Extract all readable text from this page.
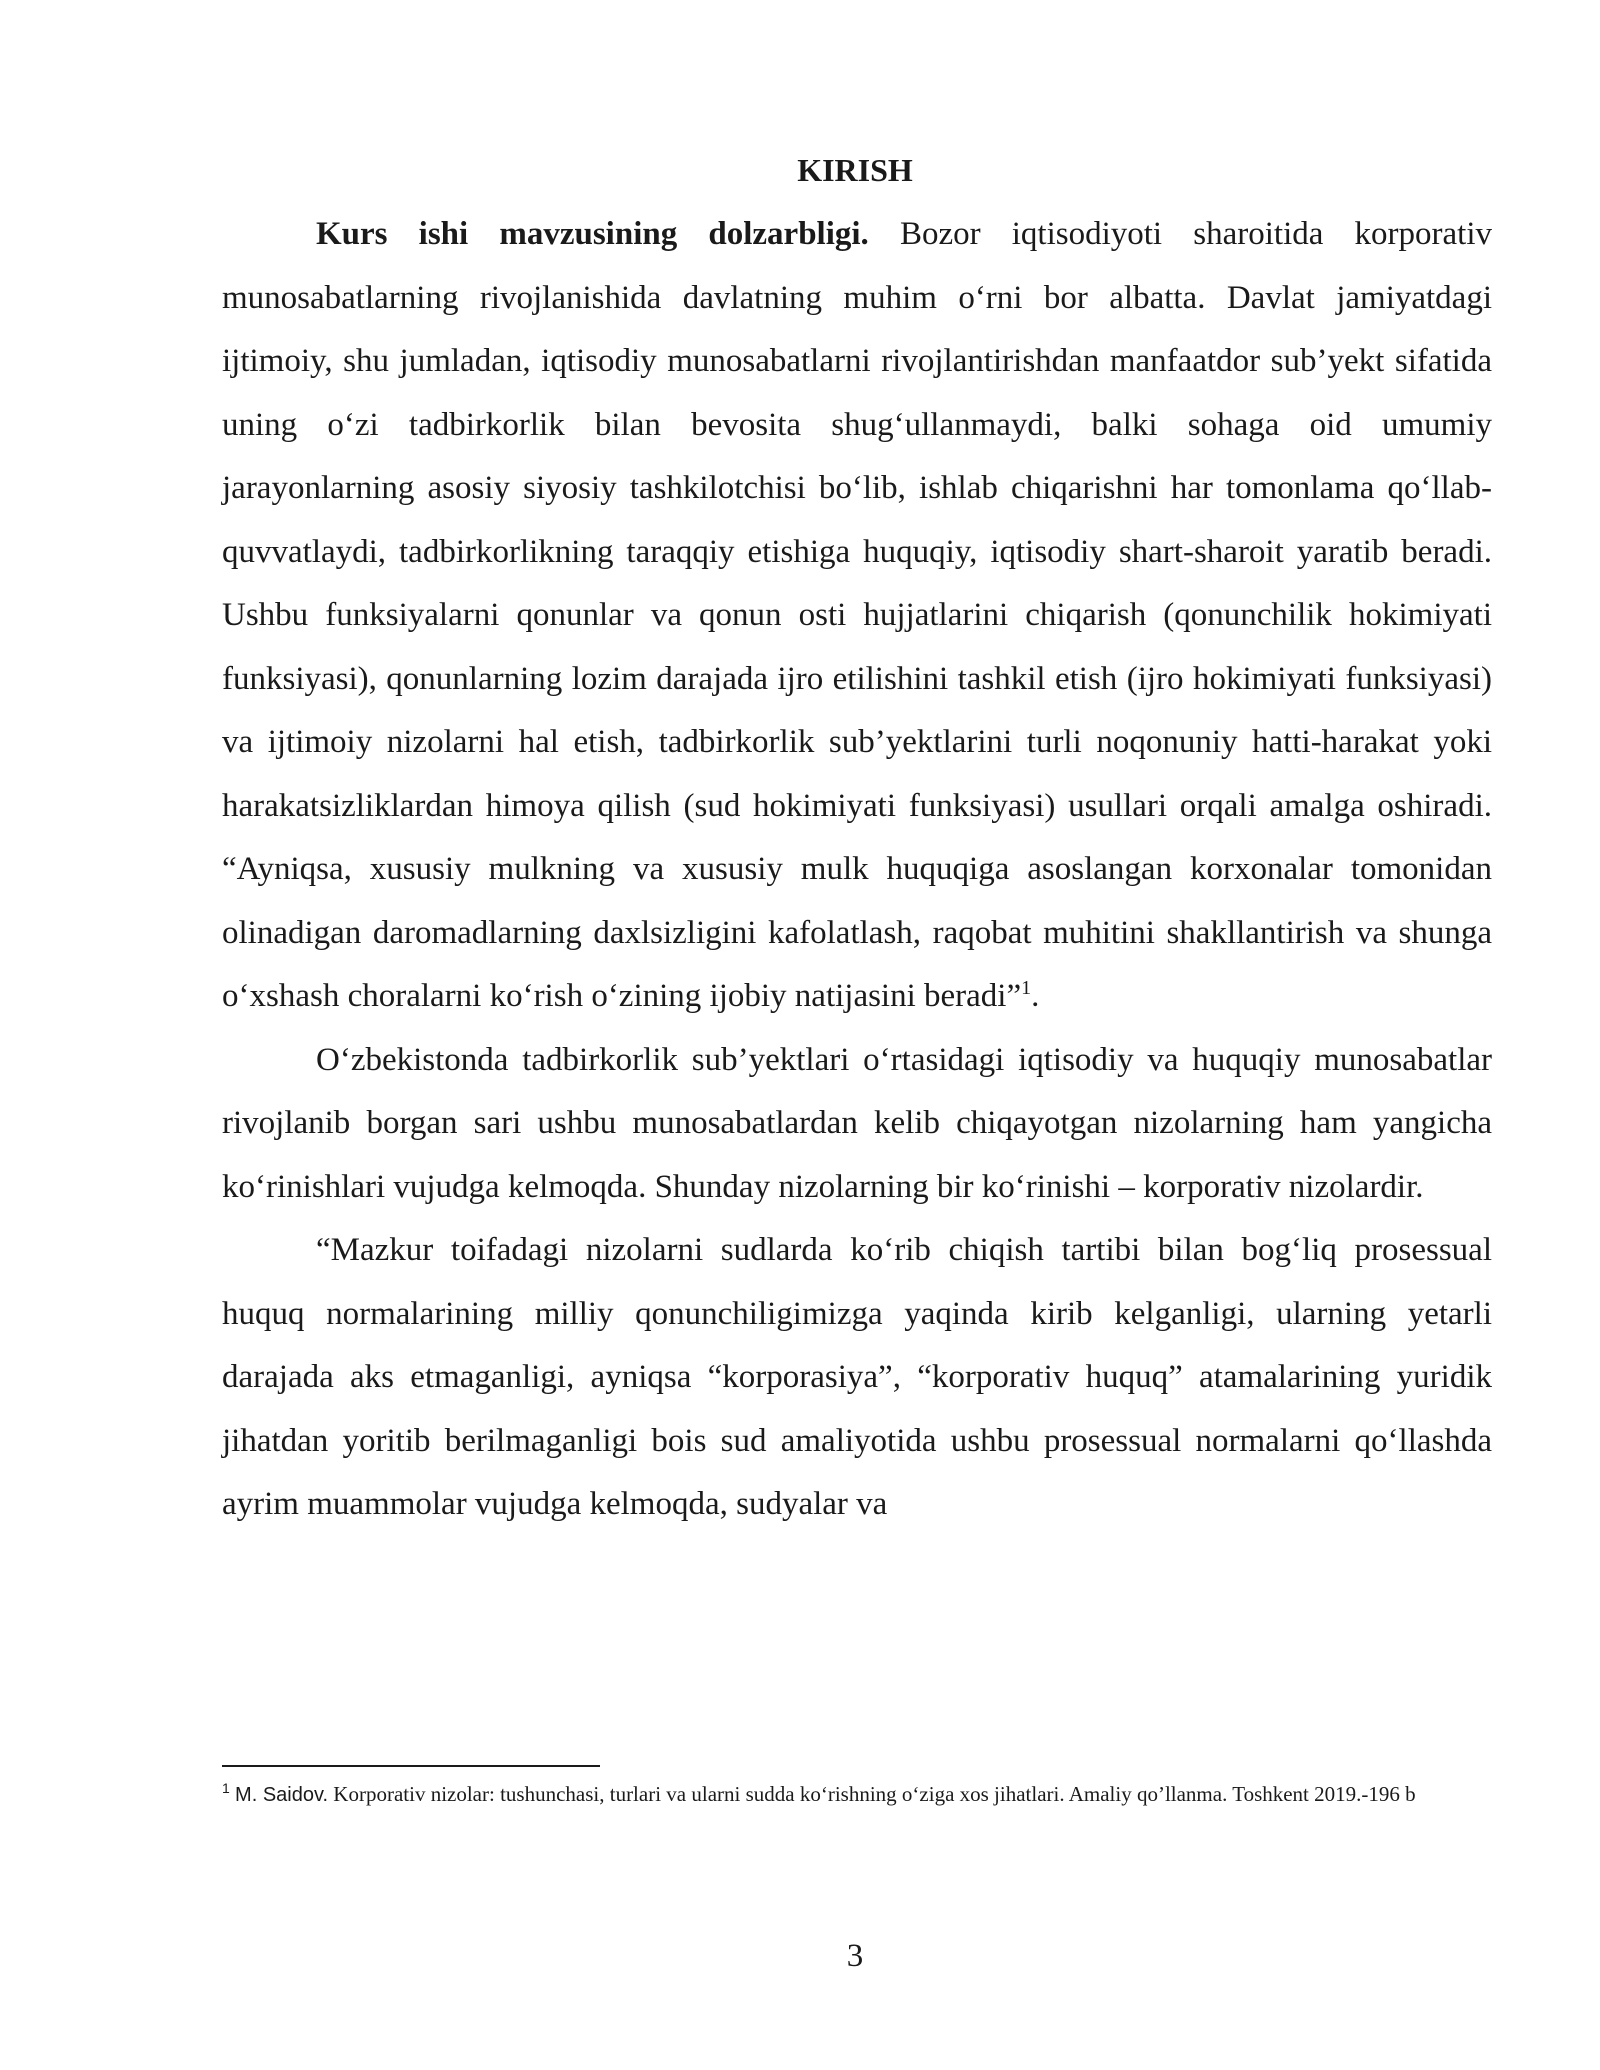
KIRISH

Kurs ishi mavzusining dolzarbligi. Bozor iqtisodiyoti sharoitida korporativ munosabatlarning rivojlanishida davlatning muhim o‘rni bor albatta. Davlat jamiyatdagi ijtimoiy, shu jumladan, iqtisodiy munosabatlarni rivojlantirishdan manfaatdor sub’yekt sifatida uning o‘zi tadbirkorlik bilan bevosita shug‘ullanmaydi, balki sohaga oid umumiy jarayonlarning asosiy siyosiy tashkilotchisi bo‘lib, ishlab chiqarishni har tomonlama qo‘llab-quvvatlaydi, tadbirkorlikning taraqqiy etishiga huquqiy, iqtisodiy shart-sharoit yaratib beradi. Ushbu funksiyalarni qonunlar va qonun osti hujjatlarini chiqarish (qonunchilik hokimiyati funksiyasi), qonunlarning lozim darajada ijro etilishini tashkil etish (ijro hokimiyati funksiyasi) va ijtimoiy nizolarni hal etish, tadbirkorlik sub’yektlarini turli noqonuniy hatti-harakat yoki harakatsizliklardan himoya qilish (sud hokimiyati funksiyasi) usullari orqali amalga oshiradi. “Ayniqsa, xususiy mulkning va xususiy mulk huquqiga asoslangan korxonalar tomonidan olinadigan daromadlarning daxlsizligini kafolatlash, raqobat muhitini shakllantirish va shunga o‘xshash choralarni ko‘rish o‘zining ijobiy natijasini beradi”$^1$.

O‘zbekistonda tadbirkorlik sub’yektlari o‘rtasidagi iqtisodiy va huquqiy munosabatlar rivojlanib borgan sari ushbu munosabatlardan kelib chiqayotgan nizolarning ham yangicha ko‘rinishlari vujudga kelmoqda. Shunday nizolarning bir ko‘rinishi – korporativ nizolardir.

“Mazkur toifadagi nizolarni sudlarda ko‘rib chiqish tartibi bilan bog‘liq prosessual huquq normalarining milliy qonunchiligimizga yaqinda kirib kelganligi, ularning yetarli darajada aks etmaganligi, ayniqsa “korporasiya”, “korporativ huquq” atamalarining yuridik jihatdan yoritib berilmaganligi bois sud amaliyotida ushbu prosessual normalarni qo‘llashda ayrim muammolar vujudga kelmoqda, sudyalar va

$^1$ M. Saidov. Korporativ nizolar: tushunchasi, turlari va ularni sudda ko‘rishning o‘ziga xos jihatlari. Amaliy qo’llanma. Toshkent 2019.-196 b
3
